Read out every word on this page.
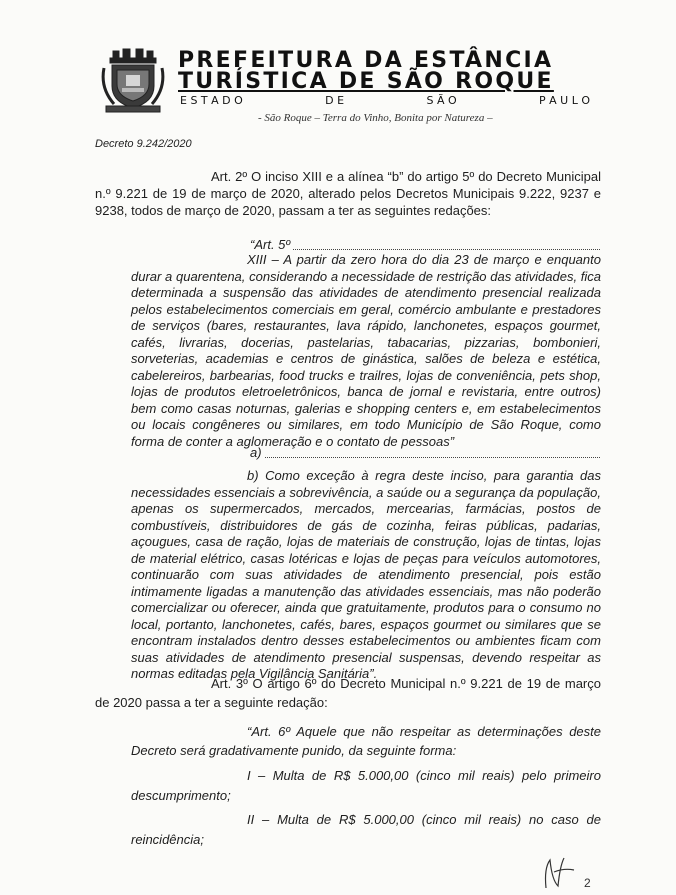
PREFEITURA DA ESTÂNCIA
TURÍSTICA DE SÃO ROQUE
E S T A D O	D E	S Ã O	P A U L O
- São Roque – Terra do Vinho, Bonita por Natureza –
Decreto 9.242/2020

Art. 2º O inciso XIII e a alínea “b” do artigo 5º do Decreto Municipal n.º 9.221 de 19 de março de 2020, alterado pelos Decretos Municipais 9.222, 9237 e 9238, todos de março de 2020, passam a ter as seguintes redações:

“Art. 5º

XIII – A partir da zero hora do dia 23 de março e enquanto durar a quarentena, considerando a necessidade de restrição das atividades, fica determinada a suspensão das atividades de atendimento presencial realizada pelos estabelecimentos comerciais em geral, comércio ambulante e prestadores de serviços (bares, restaurantes, lava rápido, lanchonetes, espaços gourmet, cafés, livrarias, docerias, pastelarias, tabacarias, pizzarias, bombonieri, sorveterias, academias e centros de ginástica, salões de beleza e estética, cabelereiros, barbearias, food trucks e trailres, lojas de conveniência, pets shop, lojas de produtos eletroeletrônicos, banca de jornal e revistaria, entre outros) bem como casas noturnas, galerias e shopping centers e, em estabelecimentos ou locais congêneres ou similares, em todo Município de São Roque, como forma de conter a aglomeração e o contato de pessoas”

a)

b) Como exceção à regra deste inciso, para garantia das necessidades essenciais a sobrevivência, a saúde ou a segurança da população, apenas os supermercados, mercados, mercearias, farmácias, postos de combustíveis, distribuidores de gás de cozinha, feiras públicas, padarias, açougues, casa de ração, lojas de materiais de construção, lojas de tintas, lojas de material elétrico, casas lotéricas e lojas de peças para veículos automotores, continuarão com suas atividades de atendimento presencial, pois estão intimamente ligadas a manutenção das atividades essenciais, mas não poderão comercializar ou oferecer, ainda que gratuitamente, produtos para o consumo no local, portanto, lanchonetes, cafés, bares, espaços gourmet ou similares que se encontram instalados dentro desses estabelecimentos ou ambientes ficam com suas atividades de atendimento presencial suspensas, devendo respeitar as normas editadas pela Vigilância Sanitária”.

Art. 3º O artigo 6º do Decreto Municipal n.º 9.221 de 19 de março de 2020 passa a ter a seguinte redação:

“Art. 6º Aquele que não respeitar as determinações deste Decreto será gradativamente punido, da seguinte forma:

I – Multa de R$ 5.000,00 (cinco mil reais) pelo primeiro descumprimento;

II – Multa de R$ 5.000,00 (cinco mil reais) no caso de reincidência;

2
